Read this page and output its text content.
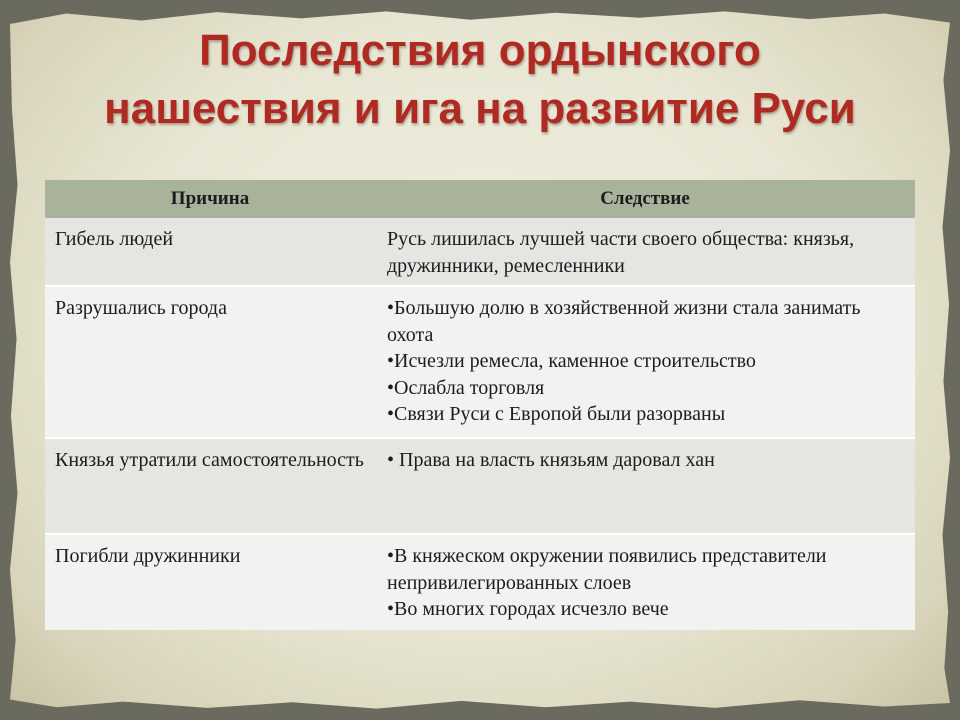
Последствия ордынского
нашествия и ига на развитие Руси
Причина	Следствие
Гибель людей	Русь лишилась лучшей части своего общества: князья, дружинники, ремесленники

Разрушались города	•Большую долю в хозяйственной жизни стала занимать охота
•Исчезли ремесла, каменное строительство
•Ослабла торговля
•Связи Руси с Европой были разорваны

Князья утратили самостоятельность	• Права на власть князьям даровал хан

Погибли дружинники	•В княжеском окружении появились представители непривилегированных слоев
•Во многих городах исчезло вече
